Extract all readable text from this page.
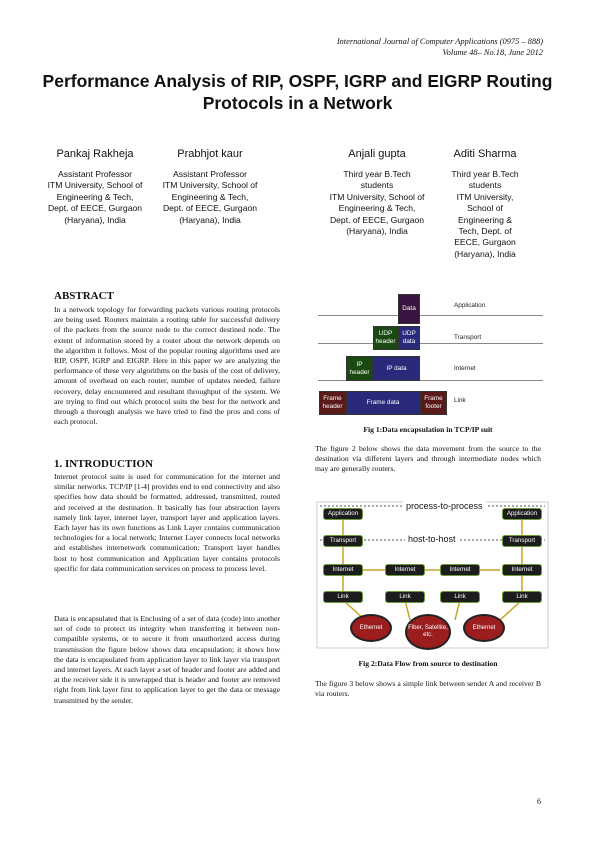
International Journal of Computer Applications (0975 – 888)
Volume 48– No.18, June 2012
Performance Analysis of RIP, OSPF, IGRP and EIGRP Routing Protocols in a Network
Pankaj Rakheja
Assistant Professor
ITM University, School of Engineering & Tech,
Dept. of EECE, Gurgaon
(Haryana), India
Prabhjot kaur
Assistant Professor
ITM University, School of Engineering & Tech,
Dept. of EECE, Gurgaon
(Haryana), India
Anjali gupta
Third year B.Tech
students
ITM University, School of Engineering & Tech,
Dept. of EECE, Gurgaon
(Haryana), India
Aditi Sharma
Third year B.Tech
students
ITM University,
School of
Engineering &
Tech, Dept. of
EECE, Gurgaon
(Haryana), India
ABSTRACT

In a network topology for forwarding packets various routing protocols are being used. Routers maintain a routing table for successful delivery of the packets from the source node to the correct destined node. The extent of information stored by a router about the network depends on the algorithm it follows. Most of the popular routing algorithms used are RIP, OSPF, IGRP and EIGRP. Here in this paper we are analyzing the performance of these very algorithms on the basis of the cost of delivery, amount of overhead on each router, number of updates needed, failure recovery, delay encountered and resultant throughput of the system. We are trying to find out which protocol suits the best for the network and through a thorough analysis we have tried to find the pros and cons of each protocol.

1. INTRODUCTION

Internet protocol suite is used for communication for the internet and similar networks. TCP/IP [1-4] provides end to end connectivity and also specifies how data should be formatted, addressed, transmitted, routed and received at the destination. It basically has four abstraction layers namely link layer, internet layer, transport layer and application layers. Each layer has its own functions as Link Layer contains communication technologies for a local network; Internet Layer connects local networks and establishes internetwork communication; Transport layer handles host to host communication and Application layer contains protocols specific for data communication services on process to process level.

Data is encapsulated that is Enclosing of a set of data (code) into another set of code to protect its integrity when transferring it between non-compatible systems, or to secure it from unauthorized access during transmission the figure below shows data encapsulation; it shows how the data is encapsulated from application layer to link layer via transport and internet layers. At each layer a set of header and footer are added and at the receiver side it is unwrapped that is header and footer are removed right from link layer first to application layer to get the data or message transmitted by the sender.

Data
UDP header
UDP data
IP header
IP data
Frame header
Frame data
Frame footer
Application
Transport
Internet
Link
Fig 1:Data encapsulation in TCP/IP suit

The figure 2 below shows the data movement from the source to the destination via different layers and through intermediate nodes which may are generally routers.

process-to-process
host-to-host
Application	Application
Transport	Transport
Internet	Internet	Internet	Internet
Link	Link	Link	Link
Ethernet	Fiber, Satellite, etc.
Ethernet
Fig 2:Data Flow from source to destination

The figure 3 below shows a simple link between sender A and receiver B via routers.

6
